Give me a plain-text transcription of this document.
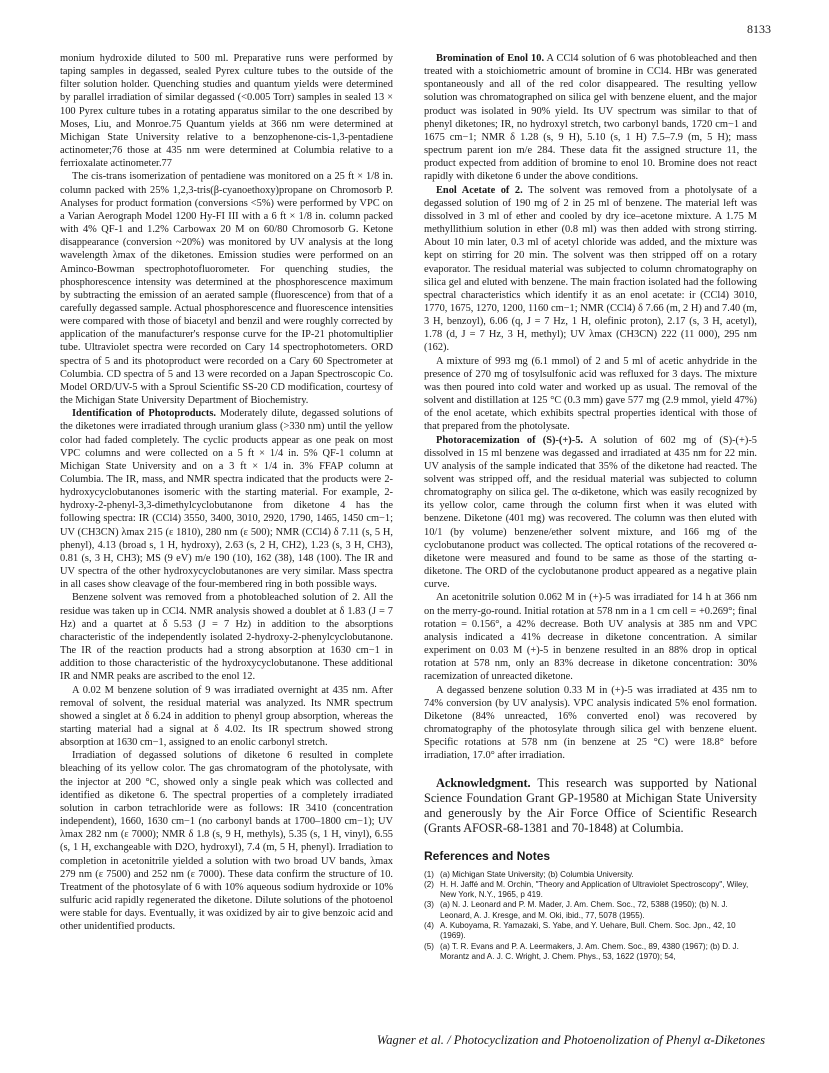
8133

monium hydroxide diluted to 500 ml. Preparative runs were performed by taping samples in degassed, sealed Pyrex culture tubes to the outside of the filter solution holder. Quenching studies and quantum yields were determined by parallel irradiation of similar degassed (<0.005 Torr) samples in sealed 13 × 100 Pyrex culture tubes in a rotating apparatus similar to the one described by Moses, Liu, and Monroe.75 Quantum yields at 366 nm were determined at Michigan State University relative to a benzophenone-cis-1,3-pentadiene actinometer;76 those at 435 nm were determined at Columbia relative to a ferrioxalate actinometer.77

The cis-trans isomerization of pentadiene was monitored on a 25 ft × 1/8 in. column packed with 25% 1,2,3-tris(β-cyanoethoxy)propane on Chromosorb P. Analyses for product formation (conversions <5%) were performed by VPC on a Varian Aerograph Model 1200 Hy-FI III with a 6 ft × 1/8 in. column packed with 4% QF-1 and 1.2% Carbowax 20 M on 60/80 Chromosorb G. Ketone disappearance (conversion ~20%) was monitored by UV analysis at the long wavelength λmax of the diketones. Emission studies were performed on an Aminco-Bowman spectrophotofluorometer. For quenching studies, the phosphorescence intensity was determined at the phosphorescence maximum by subtracting the emission of an aerated sample (fluorescence) from that of a carefully degassed sample. Actual phosphorescence and fluorescence intensities were compared with those of biacetyl and benzil and were roughly corrected by application of the manufacturer's response curve for the IP-21 photomultiplier tube. Ultraviolet spectra were recorded on Cary 14 spectrophotometers. ORD spectra of 5 and its photoproduct were recorded on a Cary 60 Spectrometer at Columbia. CD spectra of 5 and 13 were recorded on a Japan Spectroscopic Co. Model ORD/UV-5 with a Sproul Scientific SS-20 CD modification, courtesy of the Michigan State University Department of Biochemistry.

Identification of Photoproducts. Moderately dilute, degassed solutions of the diketones were irradiated through uranium glass (>330 nm) until the yellow color had faded completely. The cyclic products appear as one peak on most VPC columns and were collected on a 5 ft × 1/4 in. 5% QF-1 column at Michigan State University and on a 3 ft × 1/4 in. 3% FFAP column at Columbia. The IR, mass, and NMR spectra indicated that the products were 2-hydroxycyclobutanones isomeric with the starting material. For example, 2-hydroxy-2-phenyl-3,3-dimethylcyclobutanone from diketone 4 has the following spectra: IR (CCl4) 3550, 3400, 3010, 2920, 1790, 1465, 1450 cm−1; UV (CH3CN) λmax 215 (ε 1810), 280 nm (ε 500); NMR (CCl4) δ 7.11 (s, 5 H, phenyl), 4.13 (broad s, 1 H, hydroxy), 2.63 (s, 2 H, CH2), 1.23 (s, 3 H, CH3), 0.81 (s, 3 H, CH3); MS (9 eV) m/e 190 (10), 162 (38), 148 (100). The IR and UV spectra of the other hydroxycyclobutanones are very similar. Mass spectra in all cases show cleavage of the four-membered ring in both possible ways.

Benzene solvent was removed from a photobleached solution of 2. All the residue was taken up in CCl4. NMR analysis showed a doublet at δ 1.83 (J = 7 Hz) and a quartet at δ 5.53 (J = 7 Hz) in addition to the absorptions characteristic of the independently isolated 2-hydroxy-2-phenylcyclobutanone. The IR of the reaction products had a strong absorption at 1630 cm−1 in addition to those characteristic of the hydroxycyclobutanone. These additional IR and NMR peaks are ascribed to the enol 12.

A 0.02 M benzene solution of 9 was irradiated overnight at 435 nm. After removal of solvent, the residual material was analyzed. Its NMR spectrum showed a singlet at δ 6.24 in addition to phenyl group absorption, whereas the starting material had a signal at δ 4.02. Its IR spectrum showed strong absorption at 1630 cm−1, assigned to an enolic carbonyl stretch.

Irradiation of degassed solutions of diketone 6 resulted in complete bleaching of its yellow color. The gas chromatogram of the photolysate, with the injector at 200 °C, showed only a single peak which was collected and identified as diketone 6. The spectral properties of a completely irradiated solution in carbon tetrachloride were as follows: IR 3410 (concentration independent), 1660, 1630 cm−1 (no carbonyl bands at 1700–1800 cm−1); UV λmax 282 nm (ε 7000); NMR δ 1.8 (s, 9 H, methyls), 5.35 (s, 1 H, vinyl), 6.55 (s, 1 H, exchangeable with D2O, hydroxyl), 7.4 (m, 5 H, phenyl). Irradiation to completion in acetonitrile yielded a solution with two broad UV bands, λmax 279 nm (ε 7500) and 252 nm (ε 7000). These data confirm the structure of 10. Treatment of the photosylate of 6 with 10% aqueous sodium hydroxide or 10% sulfuric acid rapidly regenerated the diketone. Dilute solutions of the photoenol were stable for days. Eventually, it was oxidized by air to give benzoic acid and other unidentified products.

Bromination of Enol 10. A CCl4 solution of 6 was photobleached and then treated with a stoichiometric amount of bromine in CCl4. HBr was generated spontaneously and all of the red color disappeared. The resulting yellow solution was chromatographed on silica gel with benzene eluent, and the major product was isolated in 90% yield. Its UV spectrum was similar to that of phenyl diketones; IR, no hydroxyl stretch, two carbonyl bands, 1720 cm−1 and 1675 cm−1; NMR δ 1.28 (s, 9 H), 5.10 (s, 1 H) 7.5–7.9 (m, 5 H); mass spectrum parent ion m/e 284. These data fit the assigned structure 11, the product expected from addition of bromine to enol 10. Bromine does not react rapidly with diketone 6 under the above conditions.

Enol Acetate of 2. The solvent was removed from a photolysate of a degassed solution of 190 mg of 2 in 25 ml of benzene. The material left was dissolved in 3 ml of ether and cooled by dry ice–acetone mixture. A 1.75 M methyllithium solution in ether (0.8 ml) was then added with strong stirring. About 10 min later, 0.3 ml of acetyl chloride was added, and the mixture was kept on stirring for 20 min. The solvent was then stripped off on a rotary evaporator. The residual material was subjected to column chromatography on silica gel and eluted with benzene. The main fraction isolated had the following spectral characteristics which identify it as an enol acetate: ir (CCl4) 3010, 1770, 1675, 1270, 1200, 1160 cm−1; NMR (CCl4) δ 7.66 (m, 2 H) and 7.40 (m, 3 H, benzoyl), 6.06 (q, J = 7 Hz, 1 H, olefinic proton), 2.17 (s, 3 H, acetyl), 1.78 (d, J = 7 Hz, 3 H, methyl); UV λmax (CH3CN) 222 (11 000), 295 nm (162).

A mixture of 993 mg (6.1 mmol) of 2 and 5 ml of acetic anhydride in the presence of 270 mg of tosylsulfonic acid was refluxed for 3 days. The mixture was then poured into cold water and worked up as usual. The removal of the solvent and distillation at 125 °C (0.3 mm) gave 577 mg (2.9 mmol, yield 47%) of the enol acetate, which exhibits spectral properties identical with those of that prepared from the photolysate.

Photoracemization of (S)-(+)-5. A solution of 602 mg of (S)-(+)-5 dissolved in 15 ml benzene was degassed and irradiated at 435 nm for 22 min. UV analysis of the sample indicated that 35% of the diketone had reacted. The solvent was stripped off, and the residual material was subjected to column chromatography on silica gel. The α-diketone, which was easily recognized by its yellow color, came through the column first when it was eluted with benzene. Diketone (401 mg) was recovered. The column was then eluted with 10/1 (by volume) benzene/ether solvent mixture, and 166 mg of the cyclobutanone product was collected. The optical rotations of the recovered α-diketone were measured and found to be same as those of the starting α-diketone. The ORD of the cyclobutanone product appeared as a negative plain curve.

An acetonitrile solution 0.062 M in (+)-5 was irradiated for 14 h at 366 nm on the merry-go-round. Initial rotation at 578 nm in a 1 cm cell = +0.269°; final rotation = 0.156°, a 42% decrease. Both UV analysis at 385 nm and VPC analysis indicated a 41% decrease in diketone concentration. A similar experiment on 0.03 M (+)-5 in benzene resulted in an 88% drop in optical rotation at 578 nm, only an 83% decrease in diketone concentration: 30% racemization of unreacted diketone.

A degassed benzene solution 0.33 M in (+)-5 was irradiated at 435 nm to 74% conversion (by UV analysis). VPC analysis indicated 5% enol formation. Diketone (84% unreacted, 16% converted enol) was recovered by chromatography of the photosylate through silica gel with benzene eluent. Specific rotations at 578 nm (in benzene at 25 °C) were 18.8° before irradiation, 17.0° after irradiation.

Acknowledgment. This research was supported by National Science Foundation Grant GP-19580 at Michigan State University and generously by the Air Force Office of Scientific Research (Grants AFOSR-68-1381 and 70-1848) at Columbia.
References and Notes
(1) (a) Michigan State University; (b) Columbia University.
(2) H. H. Jaffé and M. Orchin, "Theory and Application of Ultraviolet Spectroscopy", Wiley, New York, N.Y., 1965, p 419.
(3) (a) N. J. Leonard and P. M. Mader, J. Am. Chem. Soc., 72, 5388 (1950); (b) N. J. Leonard, A. J. Kresge, and M. Oki, ibid., 77, 5078 (1955).
(4) A. Kuboyama, R. Yamazaki, S. Yabe, and Y. Uehare, Bull. Chem. Soc. Jpn., 42, 10 (1969).
(5) (a) T. R. Evans and P. A. Leermakers, J. Am. Chem. Soc., 89, 4380 (1967); (b) D. J. Morantz and A. J. C. Wright, J. Chem. Phys., 53, 1622 (1970); 54,
Wagner et al. / Photocyclization and Photoenolization of Phenyl α-Diketones
